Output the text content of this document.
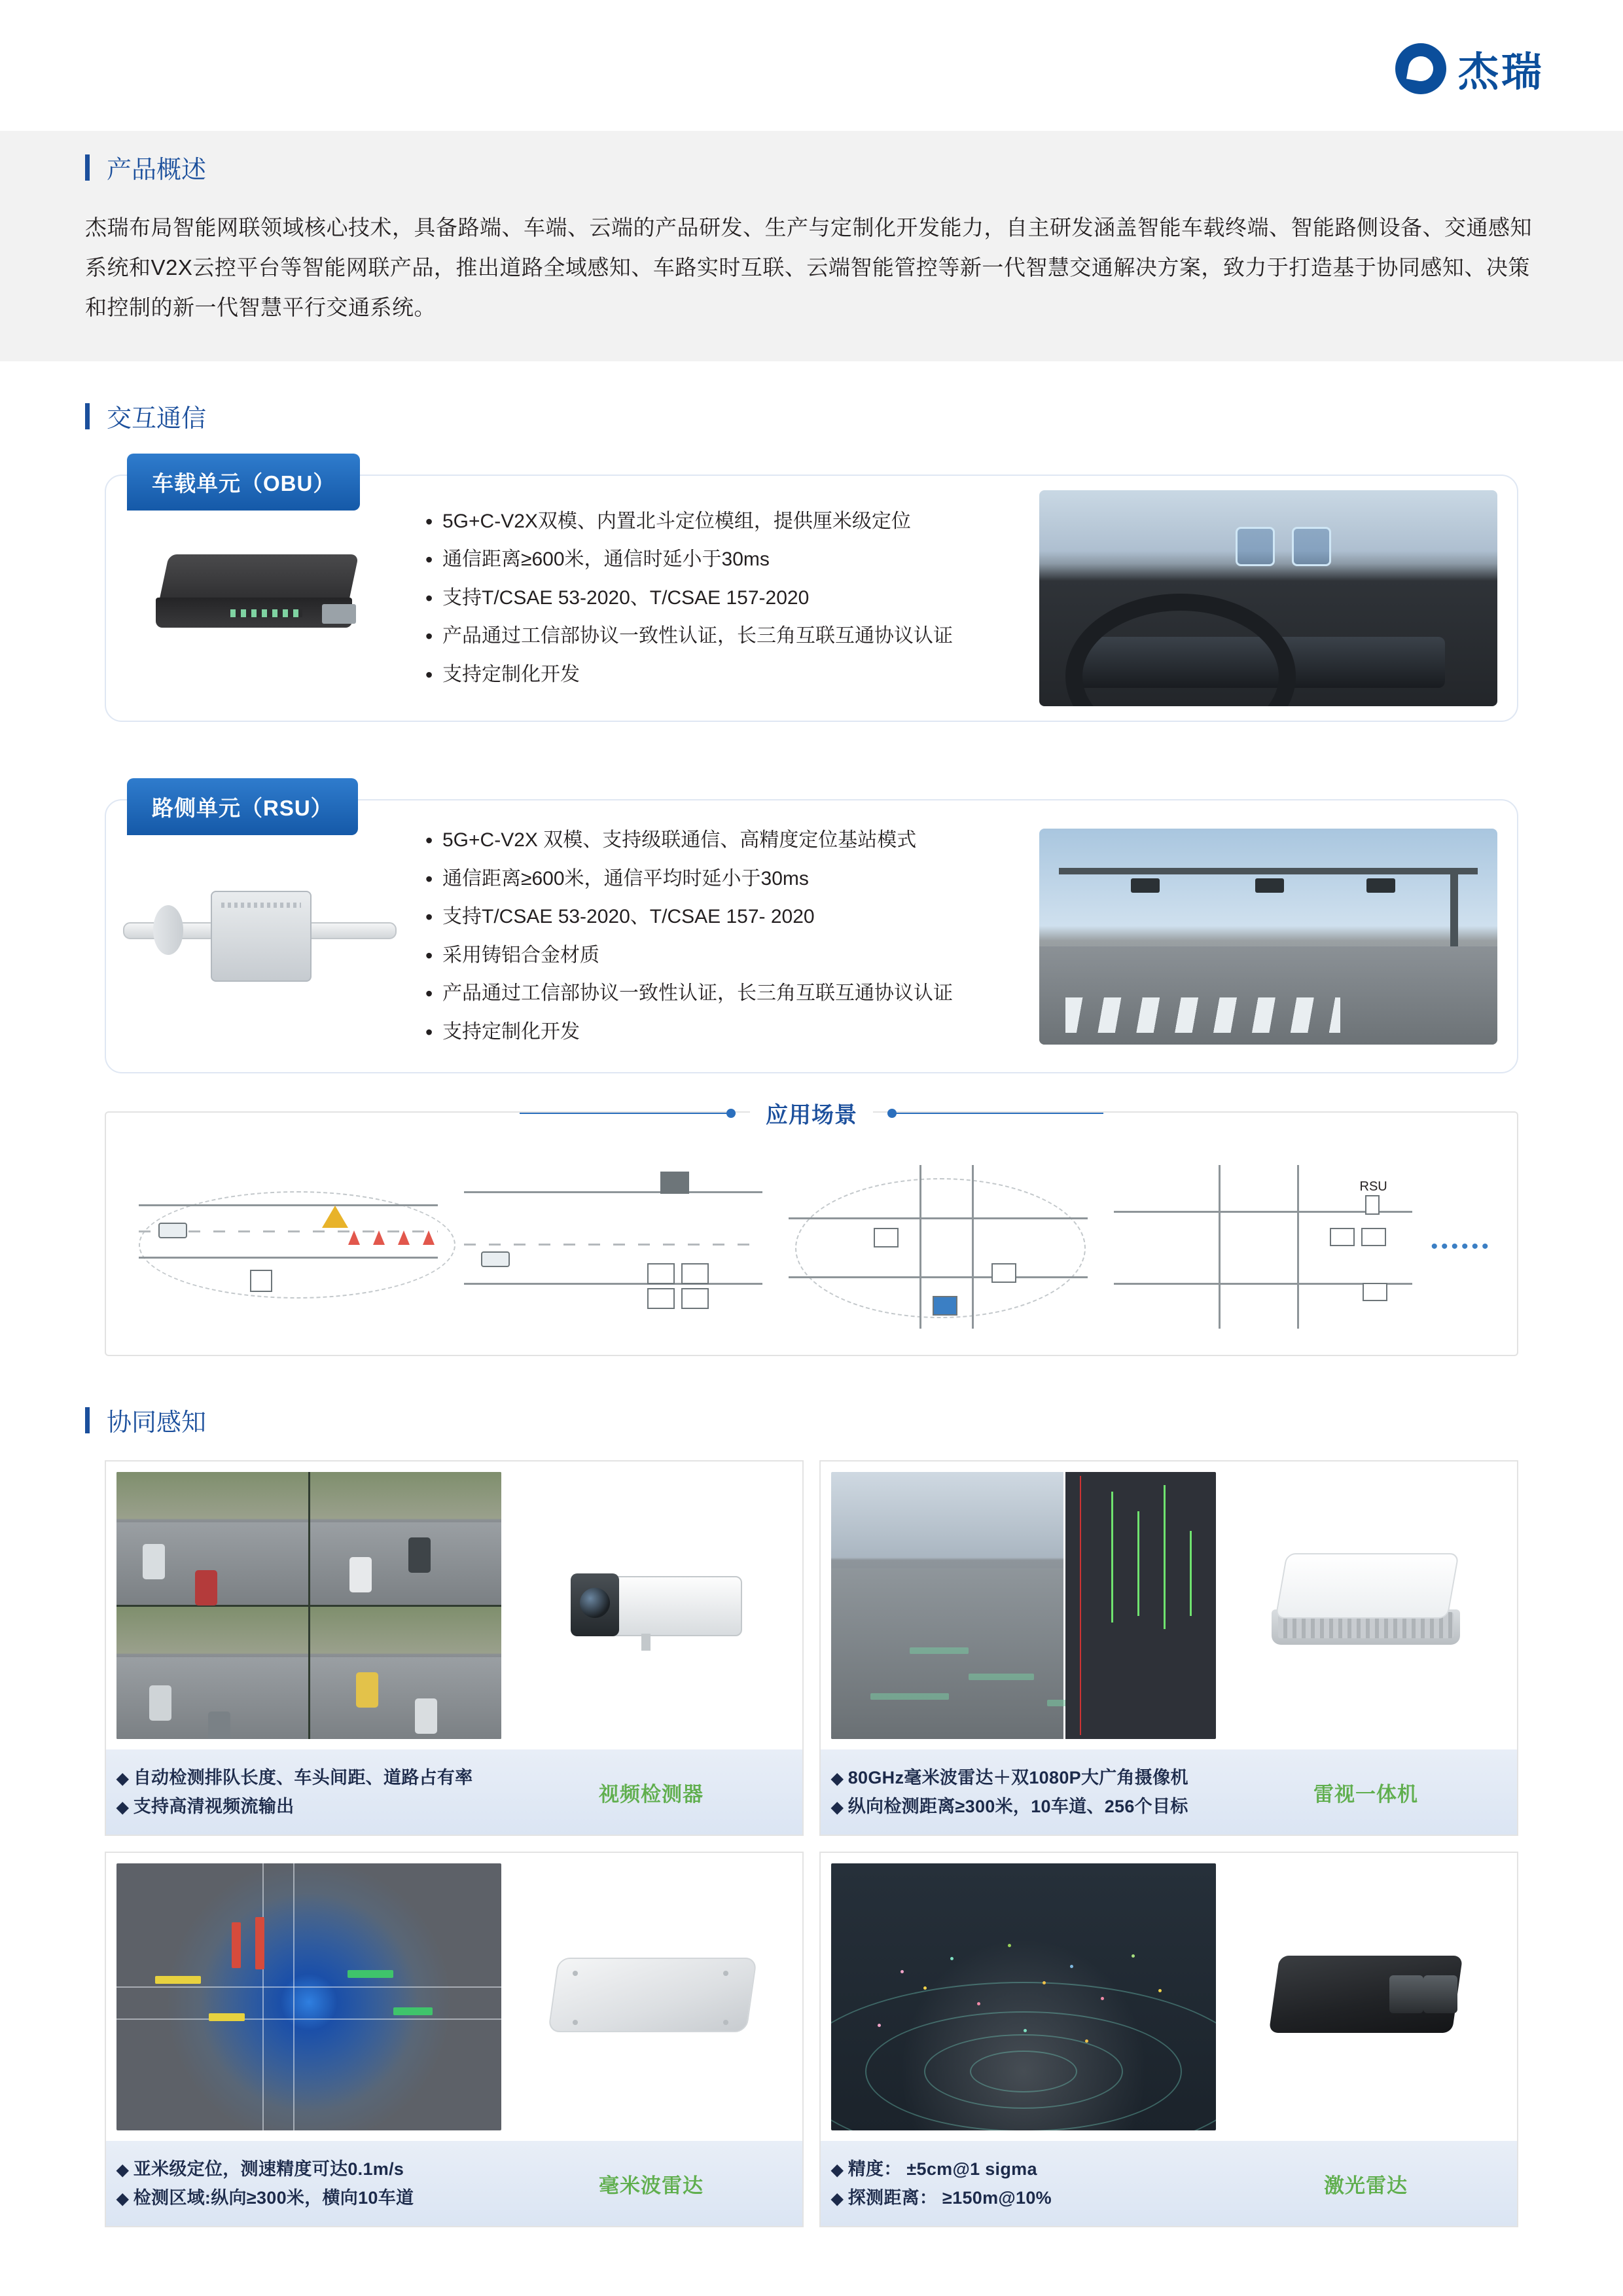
杰瑞
产品概述

杰瑞布局智能网联领域核心技术，具备路端、车端、云端的产品研发、生产与定制化开发能力，自主研发涵盖智能车载终端、智能路侧设备、交通感知系统和V2X云控平台等智能网联产品，推出道路全域感知、车路实时互联、云端智能管控等新一代智慧交通解决方案，致力于打造基于协同感知、决策和控制的新一代智慧平行交通系统。

交互通信
车载单元（OBU）
• 5G+C-V2X双模、内置北斗定位模组，提供厘米级定位
• 通信距离≥600米，通信时延小于30ms
• 支持T/CSAE 53-2020、T/CSAE 157-2020
• 产品通过工信部协议一致性认证，长三角互联互通协议认证
• 支持定制化开发
路侧单元（RSU）
• 5G+C-V2X 双模、支持级联通信、高精度定位基站模式
• 通信距离≥600米，通信平均时延小于30ms
• 支持T/CSAE 53-2020、T/CSAE 157- 2020
• 采用铸铝合金材质
• 产品通过工信部协议一致性认证，长三角互联互通协议认证
• 支持定制化开发
应用场景
RSU
••••••
协同感知
◆ 自动检测排队长度、车头间距、道路占有率
◆ 支持高清视频流输出
视频检测器
◆ 80GHz毫米波雷达＋双1080P大广角摄像机
◆ 纵向检测距离≥300米，10车道、256个目标
雷视一体机
◆ 亚米级定位，测速精度可达0.1m/s
◆ 检测区域:纵向≥300米，横向10车道
毫米波雷达
◆ 精度： ±5cm@1 sigma
◆ 探测距离： ≥150m@10%
激光雷达
